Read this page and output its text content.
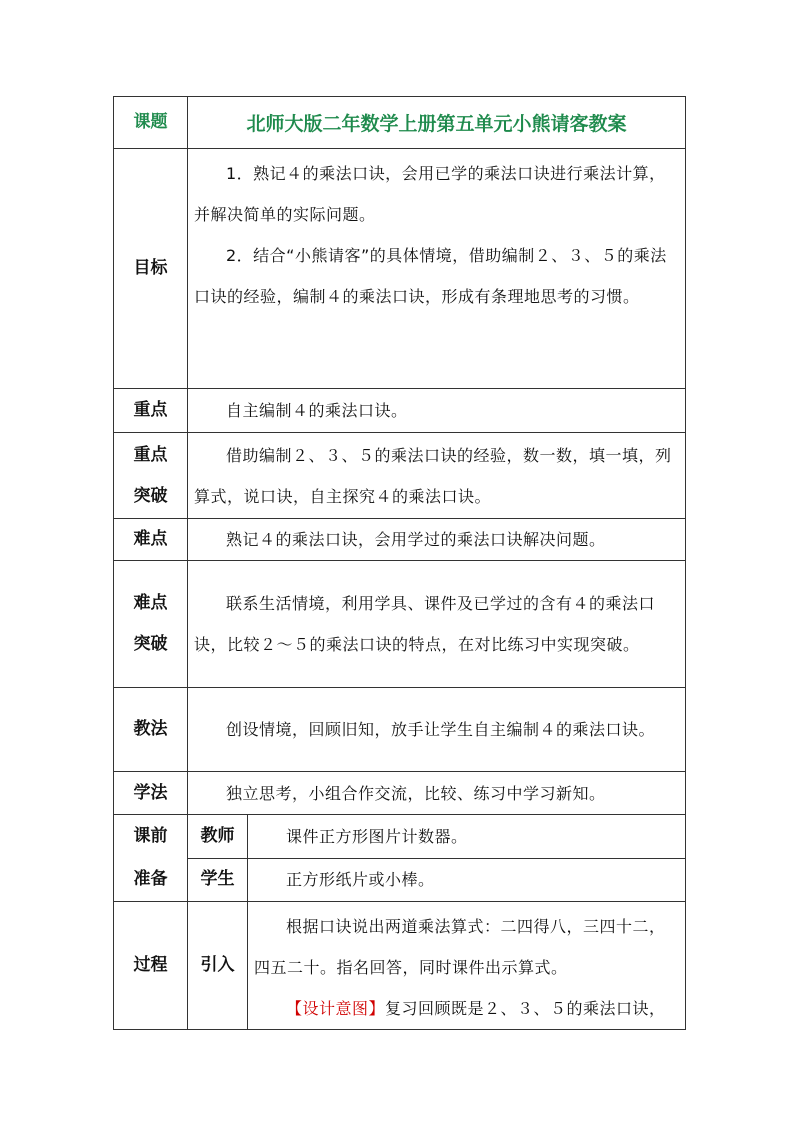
课题	北师大版二年数学上册第五单元小熊请客教案	
目标	1．熟记４的乘法口诀，会用已学的乘法口诀进行乘法计算，并解决简单的实际问题。

2．结合“小熊请客”的具体情境，借助编制２、３、５的乘法口诀的经验，编制４的乘法口诀，形成有条理地思考的习惯。	

重点	自主编制４的乘法口诀。	

重点
突破	借助编制２、３、５的乘法口诀的经验，数一数，填一填，列算式，说口诀，自主探究４的乘法口诀。	

难点	熟记４的乘法口诀，会用学过的乘法口诀解决问题。	

难点
突破	联系生活情境，利用学具、课件及已学过的含有４的乘法口诀，比较２～５的乘法口诀的特点，在对比练习中实现突破。	

教法	创设情境，回顾旧知，放手让学生自主编制４的乘法口诀。	

学法	独立思考，小组合作交流，比较、练习中学习新知。	

课前
准备	教师	课件正方形图片计数器。

	学生	正方形纸片或小棒。

过程	引入	根据口诀说出两道乘法算式：二四得八，三四十二，四五二十。指名回答，同时课件出示算式。

【设计意图】复习回顾既是２、３、５的乘法口诀，
